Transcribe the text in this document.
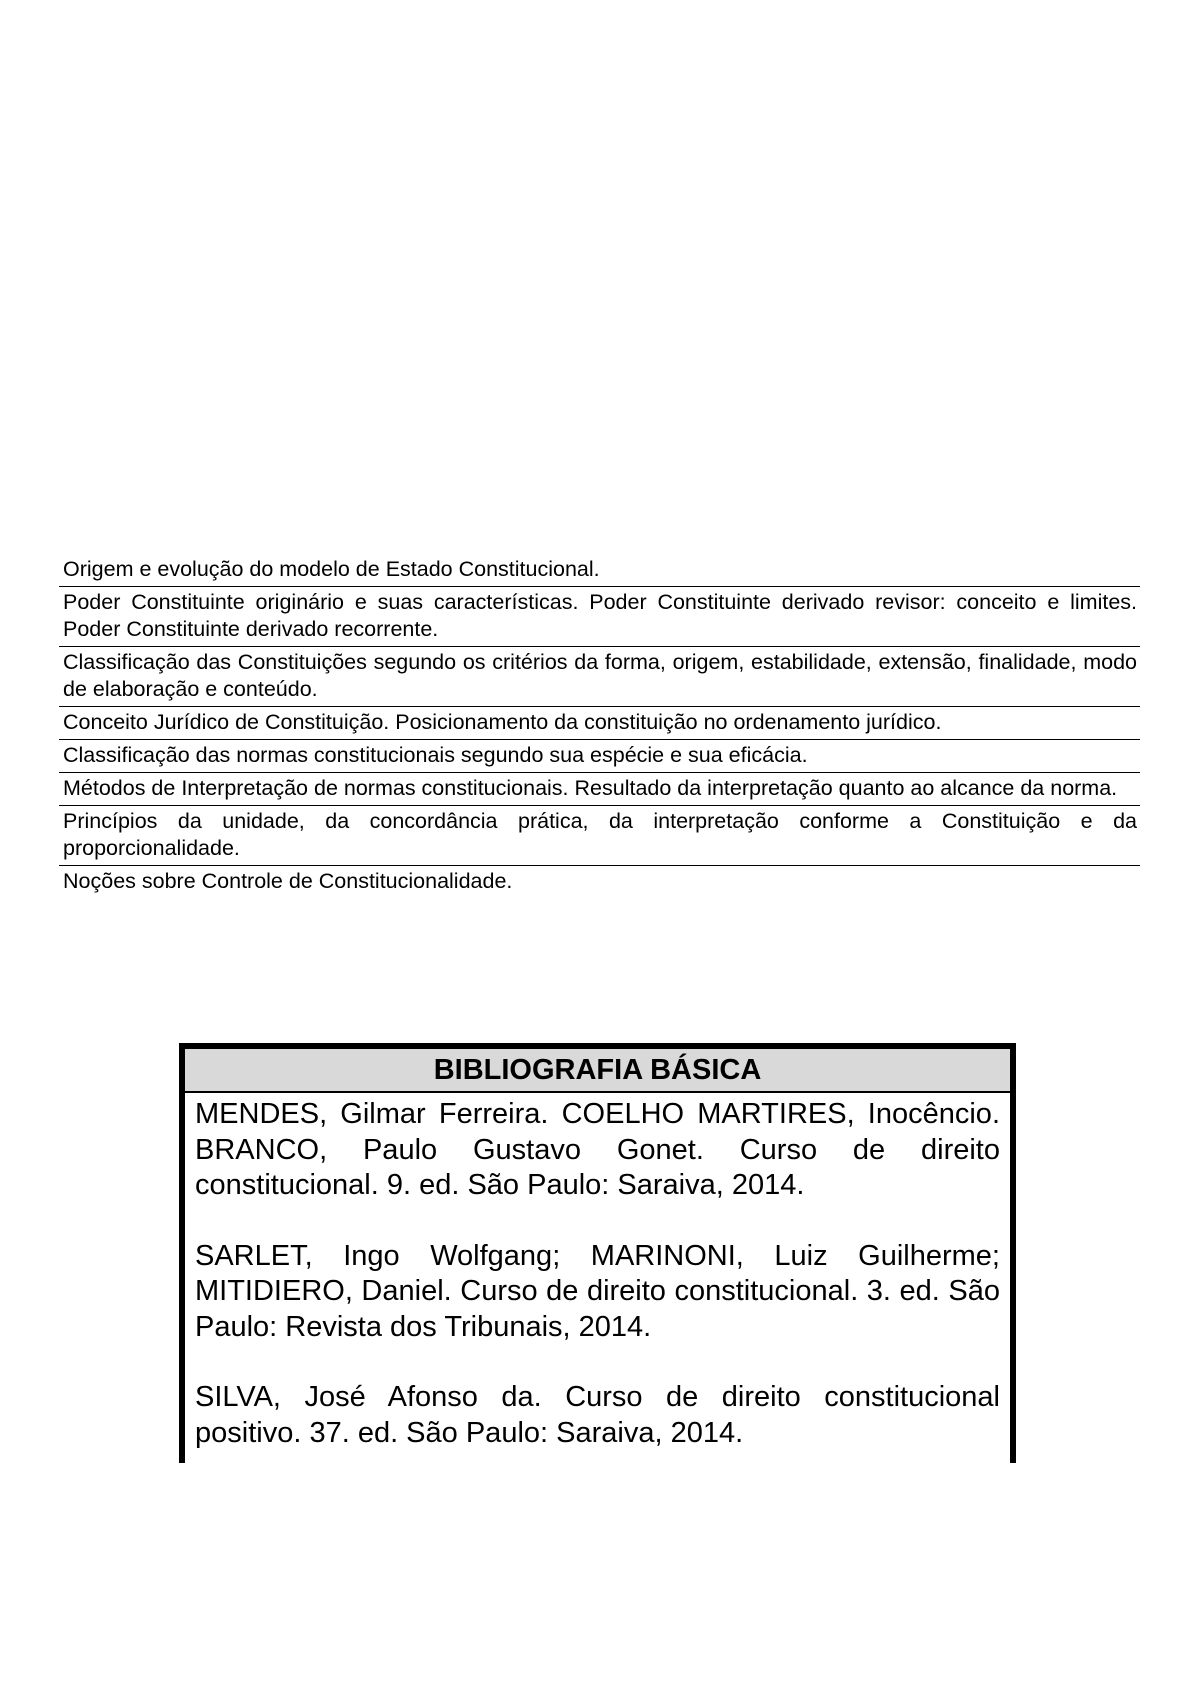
Origem e evolução do modelo de Estado Constitucional.
Poder Constituinte originário e suas características. Poder Constituinte derivado revisor: conceito e limites. Poder Constituinte derivado recorrente.
Classificação das Constituições segundo os critérios da forma, origem, estabilidade, extensão, finalidade, modo de elaboração e conteúdo.
Conceito Jurídico de Constituição. Posicionamento da constituição no ordenamento jurídico.
Classificação das normas constitucionais segundo sua espécie e sua eficácia.
Métodos de Interpretação de normas constitucionais. Resultado da interpretação quanto ao alcance da norma.
Princípios da unidade, da concordância prática, da interpretação conforme a Constituição e da proporcionalidade.
Noções sobre Controle de Constitucionalidade.
BIBLIOGRAFIA BÁSICA

MENDES, Gilmar Ferreira. COELHO MARTIRES, Inocêncio. BRANCO, Paulo Gustavo Gonet. Curso de direito constitucional. 9. ed. São Paulo: Saraiva, 2014.

SARLET, Ingo Wolfgang; MARINONI, Luiz Guilherme; MITIDIERO, Daniel. Curso de direito constitucional. 3. ed. São Paulo: Revista dos Tribunais, 2014.

SILVA, José Afonso da. Curso de direito constitucional positivo. 37. ed. São Paulo: Saraiva, 2014.
